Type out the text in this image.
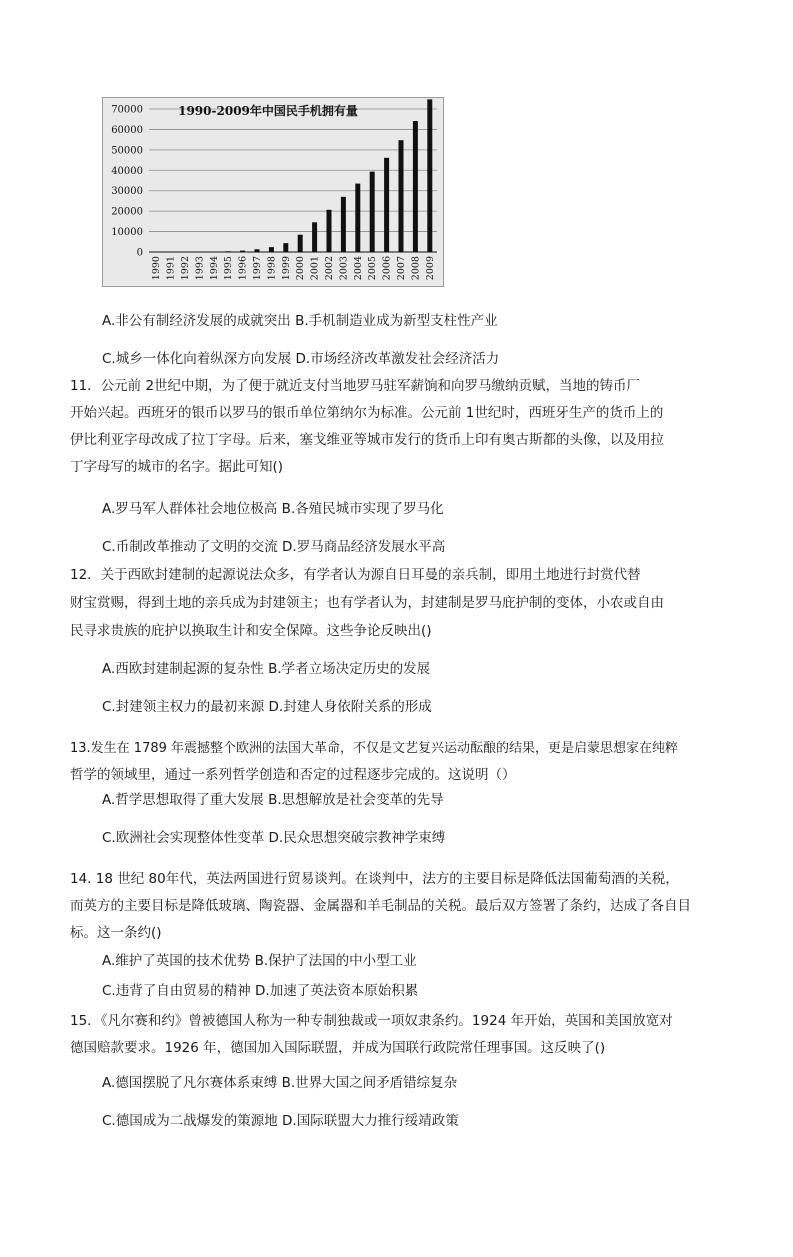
70000
60000
50000
40000
30000
20000
10000
0
1990 1991 1992 1993 1994 1995 1996 1997 1998 1999 2000 2001 2002 2003 2004 2005 2006 2007 2008 2009
1990-2009年中国民手机拥有量
A.非公有制经济发展的成就突出 B.手机制造业成为新型支柱性产业
C.城乡一体化向着纵深方向发展 D.市场经济改革激发社会经济活力
11．公元前 2世纪中期，为了便于就近支付当地罗马驻军薪饷和向罗马缴纳贡赋，当地的铸币厂
开始兴起。西班牙的银币以罗马的银币单位第纳尔为标准。公元前 1世纪时，西班牙生产的货币上的
伊比利亚字母改成了拉丁字母。后来，塞戈维亚等城市发行的货币上印有奥古斯都的头像，以及用拉
丁字母写的城市的名字。据此可知()
A.罗马军人群体社会地位极高 B.各殖民城市实现了罗马化
C.币制改革推动了文明的交流 D.罗马商品经济发展水平高
12．关于西欧封建制的起源说法众多，有学者认为源自日耳曼的亲兵制，即用土地进行封赏代替
财宝赏赐，得到土地的亲兵成为封建领主；也有学者认为，封建制是罗马庇护制的变体，小农或自由
民寻求贵族的庇护以换取生计和安全保障。这些争论反映出()
A.西欧封建制起源的复杂性 B.学者立场决定历史的发展
C.封建领主权力的最初来源 D.封建人身依附关系的形成
13.发生在 1789 年震撼整个欧洲的法国大革命，不仅是文艺复兴运动酝酿的结果，更是启蒙思想家在纯粹
哲学的领域里，通过一系列哲学创造和否定的过程逐步完成的。这说明（）
A.哲学思想取得了重大发展 B.思想解放是社会变革的先导
C.欧洲社会实现整体性变革 D.民众思想突破宗教神学束缚
14. 18 世纪 80年代，英法两国进行贸易谈判。在谈判中，法方的主要目标是降低法国葡萄酒的关税，
而英方的主要目标是降低玻璃、陶瓷器、金属器和羊毛制品的关税。最后双方签署了条约，达成了各自目
标。这一条约()
A.维护了英国的技术优势 B.保护了法国的中小型工业
C.违背了自由贸易的精神 D.加速了英法资本原始积累
15．《凡尔赛和约》曾被德国人称为一种专制独裁或一项奴隶条约。1924 年开始，英国和美国放宽对
德国赔款要求。1926 年，德国加入国际联盟，并成为国联行政院常任理事国。这反映了()
A.德国摆脱了凡尔赛体系束缚 B.世界大国之间矛盾错综复杂
C.德国成为二战爆发的策源地 D.国际联盟大力推行绥靖政策
